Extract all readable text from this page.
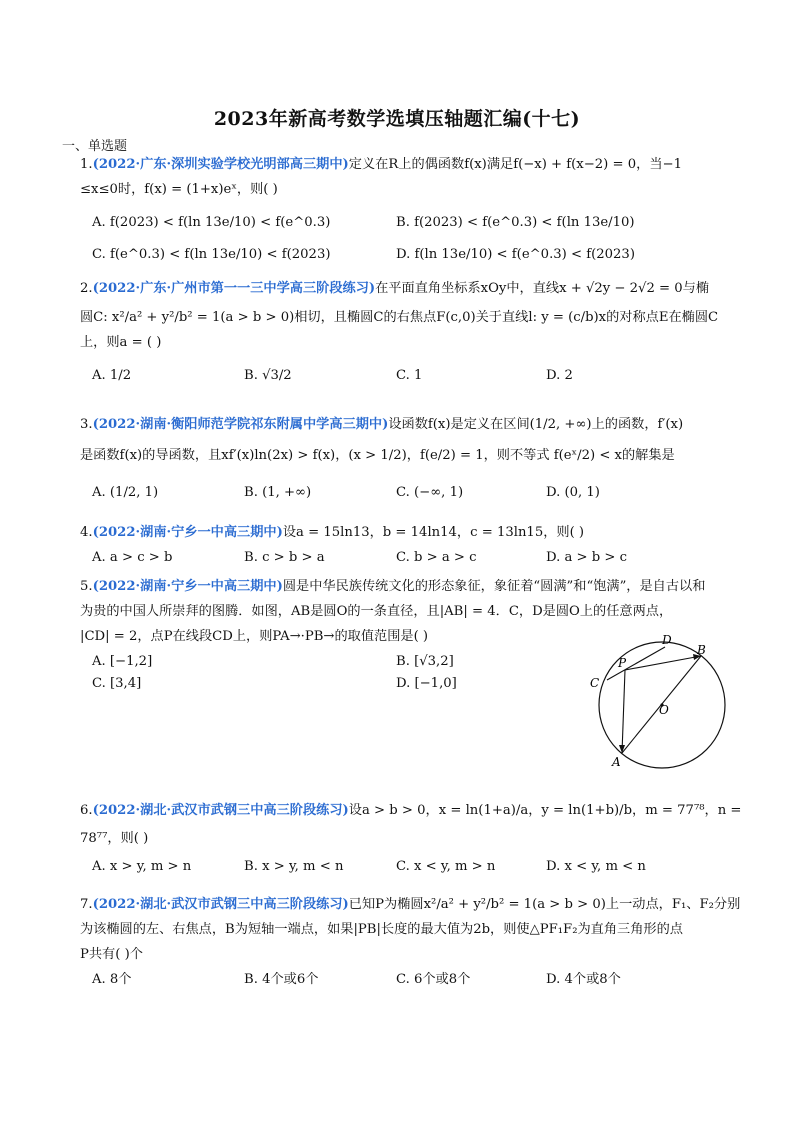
2023年新高考数学选填压轴题汇编(十七)
一、单选题
1.(2022·广东·深圳实验学校光明部高三期中)定义在R上的偶函数f(x)满足f(−x) + f(x−2) = 0，当−1
≤x≤0时，f(x) = (1+x)eˣ，则( )
A. f(2023) < f(ln 13e/10) < f(e^0.3)	B. f(2023) < f(e^0.3) < f(ln 13e/10)
C. f(e^0.3) < f(ln 13e/10) < f(2023)	D. f(ln 13e/10) < f(e^0.3) < f(2023)
2.(2022·广东·广州市第一一三中学高三阶段练习)在平面直角坐标系xOy中，直线x + √2y − 2√2 = 0与椭
圆C: x²/a² + y²/b² = 1(a > b > 0)相切，且椭圆C的右焦点F(c,0)关于直线l: y = (c/b)x的对称点E在椭圆C
上，则a = ( )
A. 1/2	B. √3/2	C. 1	D. 2
3.(2022·湖南·衡阳师范学院祁东附属中学高三期中)设函数f(x)是定义在区间(1/2, +∞)上的函数，f′(x)
是函数f(x)的导函数，且xf′(x)ln(2x) > f(x)，(x > 1/2)，f(e/2) = 1，则不等式 f(eˣ/2) < x的解集是
A. (1/2, 1)	B. (1, +∞)	C. (−∞, 1)	D. (0, 1)
4.(2022·湖南·宁乡一中高三期中)设a = 15ln13，b = 14ln14，c = 13ln15，则( )
A. a > c > b	B. c > b > a	C. b > a > c	D. a > b > c
5.(2022·湖南·宁乡一中高三期中)圆是中华民族传统文化的形态象征，象征着“圆满”和“饱满”，是自古以和
为贵的中国人所崇拜的图腾．如图，AB是圆O的一条直径，且|AB| = 4．C，D是圆O上的任意两点，
|CD| = 2，点P在线段CD上，则PA→·PB→的取值范围是( )
A. [−1,2]	B. [√3,2]
C. [3,4]	D. [−1,0]
D
B
P
C
O
A
6.(2022·湖北·武汉市武钢三中高三阶段练习)设a > b > 0，x = ln(1+a)/a，y = ln(1+b)/b，m = 77⁷⁸，n =
78⁷⁷，则( )
A. x > y, m > n	B. x > y, m < n	C. x < y, m > n	D. x < y, m < n
7.(2022·湖北·武汉市武钢三中高三阶段练习)已知P为椭圆x²/a² + y²/b² = 1(a > b > 0)上一动点，F₁、F₂分别
为该椭圆的左、右焦点，B为短轴一端点，如果|PB|长度的最大值为2b，则使△PF₁F₂为直角三角形的点
P共有( )个
A. 8个	B. 4个或6个	C. 6个或8个	D. 4个或8个
